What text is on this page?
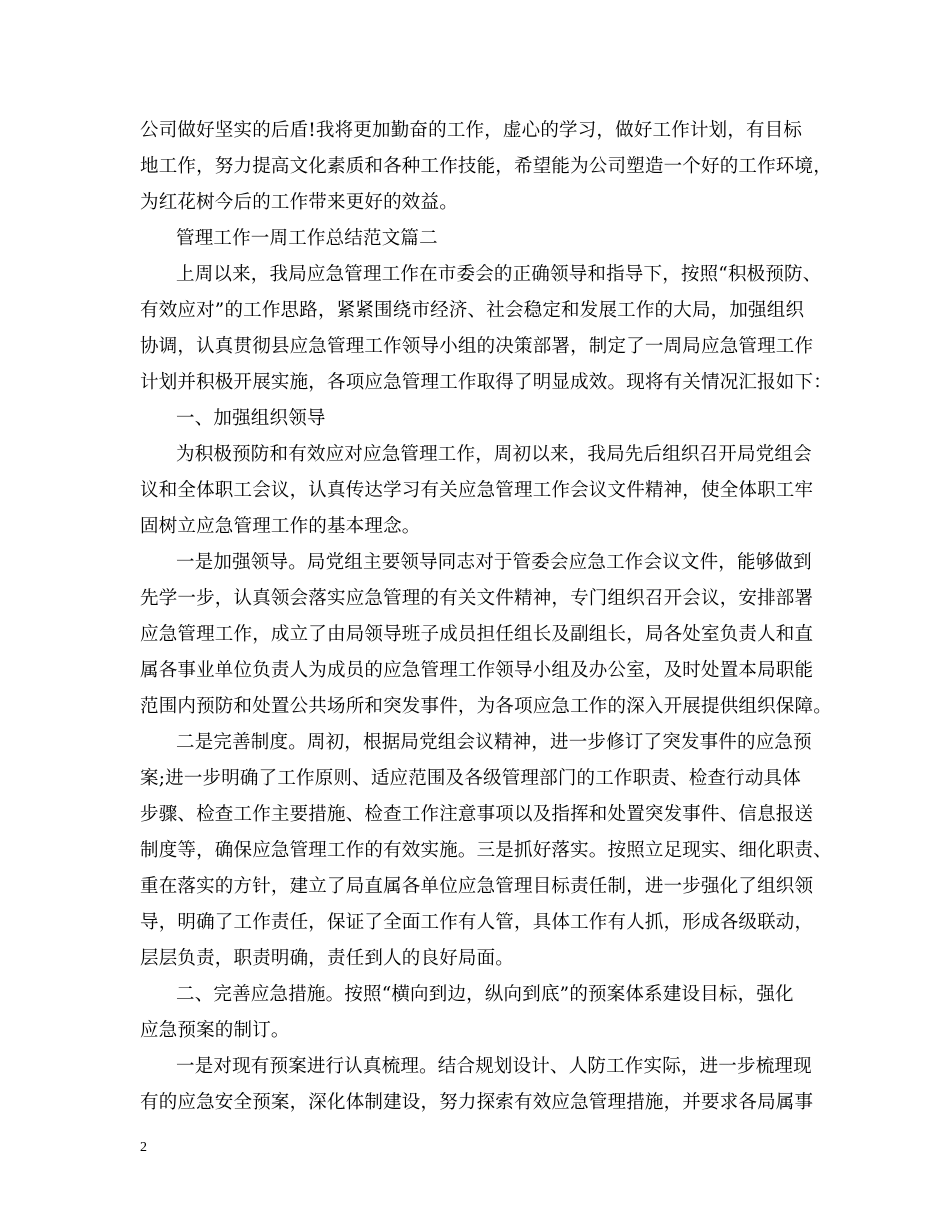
公司做好坚实的后盾!我将更加勤奋的工作，虚心的学习，做好工作计划，有目标
地工作，努力提高文化素质和各种工作技能，希望能为公司塑造一个好的工作环境，
为红花树今后的工作带来更好的效益。
管理工作一周工作总结范文篇二
上周以来，我局应急管理工作在市委会的正确领导和指导下，按照“积极预防、
有效应对”的工作思路，紧紧围绕市经济、社会稳定和发展工作的大局，加强组织
协调，认真贯彻县应急管理工作领导小组的决策部署，制定了一周局应急管理工作
计划并积极开展实施，各项应急管理工作取得了明显成效。现将有关情况汇报如下：
一、加强组织领导
为积极预防和有效应对应急管理工作，周初以来，我局先后组织召开局党组会
议和全体职工会议，认真传达学习有关应急管理工作会议文件精神，使全体职工牢
固树立应急管理工作的基本理念。
一是加强领导。局党组主要领导同志对于管委会应急工作会议文件，能够做到
先学一步，认真领会落实应急管理的有关文件精神，专门组织召开会议，安排部署
应急管理工作，成立了由局领导班子成员担任组长及副组长，局各处室负责人和直
属各事业单位负责人为成员的应急管理工作领导小组及办公室，及时处置本局职能
范围内预防和处置公共场所和突发事件，为各项应急工作的深入开展提供组织保障。
二是完善制度。周初，根据局党组会议精神，进一步修订了突发事件的应急预
案;进一步明确了工作原则、适应范围及各级管理部门的工作职责、检查行动具体
步骤、检查工作主要措施、检查工作注意事项以及指挥和处置突发事件、信息报送
制度等，确保应急管理工作的有效实施。三是抓好落实。按照立足现实、细化职责、
重在落实的方针，建立了局直属各单位应急管理目标责任制，进一步强化了组织领
导，明确了工作责任，保证了全面工作有人管，具体工作有人抓，形成各级联动，
层层负责，职责明确，责任到人的良好局面。
二、完善应急措施。按照“横向到边，纵向到底”的预案体系建设目标，强化
应急预案的制订。
一是对现有预案进行认真梳理。结合规划设计、人防工作实际，进一步梳理现
有的应急安全预案，深化体制建设，努力探索有效应急管理措施，并要求各局属事
2
